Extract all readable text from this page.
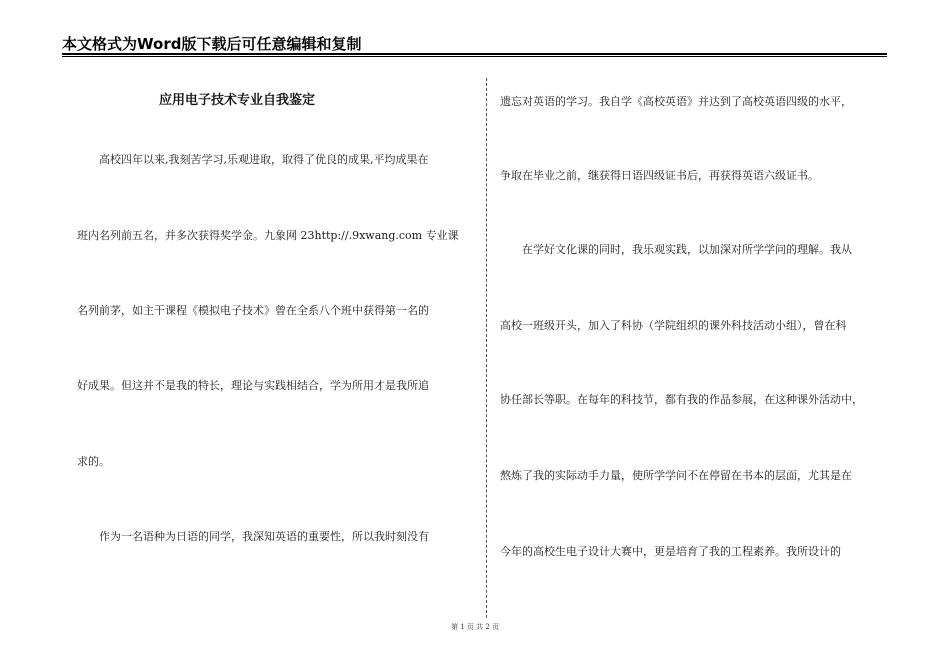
本文格式为Word版下载后可任意编辑和复制
应用电子技术专业自我鉴定
高校四年以来,我刻苦学习,乐观进取，取得了优良的成果,平均成果在
班内名列前五名，并多次获得奖学金。九象网 23http://.9xwang.com 专业课
名列前茅，如主干课程《模拟电子技术》曾在全系八个班中获得第一名的
好成果。但这并不是我的特长，理论与实践相结合，学为所用才是我所追
求的。
作为一名语种为日语的同学，我深知英语的重要性，所以我时刻没有
遗忘对英语的学习。我自学《高校英语》并达到了高校英语四级的水平，
争取在毕业之前，继获得日语四级证书后，再获得英语六级证书。
在学好文化课的同时，我乐观实践，以加深对所学学问的理解。我从
高校一班级开头，加入了科协（学院组织的课外科技活动小组），曾在科
协任部长等职。在每年的科技节，都有我的作品参展，在这种课外活动中，
熬炼了我的实际动手力量，使所学学问不在停留在书本的层面，尤其是在
今年的高校生电子设计大赛中，更是培育了我的工程素养。我所设计的
第 1 页 共 2 页
